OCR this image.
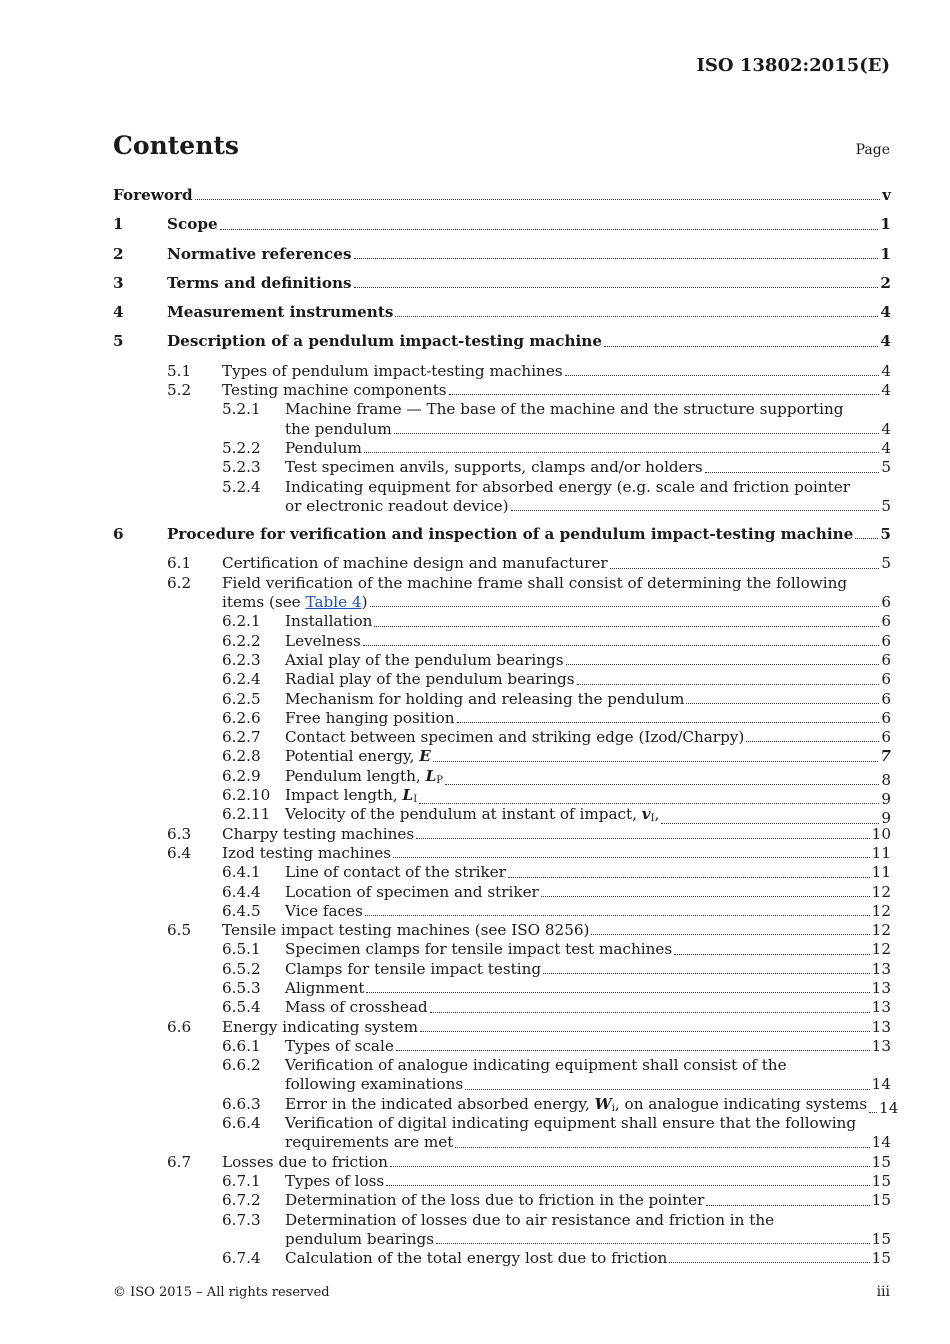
ISO 13802:2015(E)
Contents	Page
Foreword	v
1	Scope	1
2	Normative references	1
3	Terms and definitions	2
4	Measurement instruments	4
5	Description of a pendulum impact-testing machine	4
5.1 Types of pendulum impact-testing machines	4
5.2 Testing machine components	4
5.2.1 Machine frame — The base of the machine and the structure supporting
the pendulum	4
5.2.2 Pendulum	4
5.2.3 Test specimen anvils, supports, clamps and/or holders	5
5.2.4 Indicating equipment for absorbed energy (e.g. scale and friction pointer
or electronic readout device)	5
6	Procedure for verification and inspection of a pendulum impact-testing machine 5
6.1 Certification of machine design and manufacturer	5
6.2 Field verification of the machine frame shall consist of determining the following
items (see Table 4)	6
6.2.1 Installation	6
6.2.2 Levelness	6
6.2.3 Axial play of the pendulum bearings	6
6.2.4 Radial play of the pendulum bearings	6
6.2.5 Mechanism for holding and releasing the pendulum	6
6.2.6 Free hanging position	6
6.2.7 Contact between specimen and striking edge (Izod/Charpy)	6
6.2.8 Potential energy, E	7
6.2.9 Pendulum length, $L_P$	8
6.2.10 Impact length, $L_I$	9
6.2.11 Velocity of the pendulum at instant of impact, $v_I$,	9
6.3 Charpy testing machines	10
6.4 Izod testing machines	11
6.4.1 Line of contact of the striker	11
6.4.4 Location of specimen and striker	12
6.4.5 Vice faces	12
6.5 Tensile impact testing machines (see ISO 8256)	12
6.5.1 Specimen clamps for tensile impact test machines	12
6.5.2 Clamps for tensile impact testing	13
6.5.3 Alignment	13
6.5.4 Mass of crosshead	13
6.6 Energy indicating system	13
6.6.1 Types of scale	13
6.6.2 Verification of analogue indicating equipment shall consist of the
following examinations	14
6.6.3 Error in the indicated absorbed energy, $W_i$, on analogue indicating systems 14
6.6.4 Verification of digital indicating equipment shall ensure that the following
requirements are met	14
6.7 Losses due to friction	15
6.7.1 Types of loss	15
6.7.2 Determination of the loss due to friction in the pointer	15
6.7.3 Determination of losses due to air resistance and friction in the
pendulum bearings	15
6.7.4 Calculation of the total energy lost due to friction	15
© ISO 2015 – All rights reserved	iii
